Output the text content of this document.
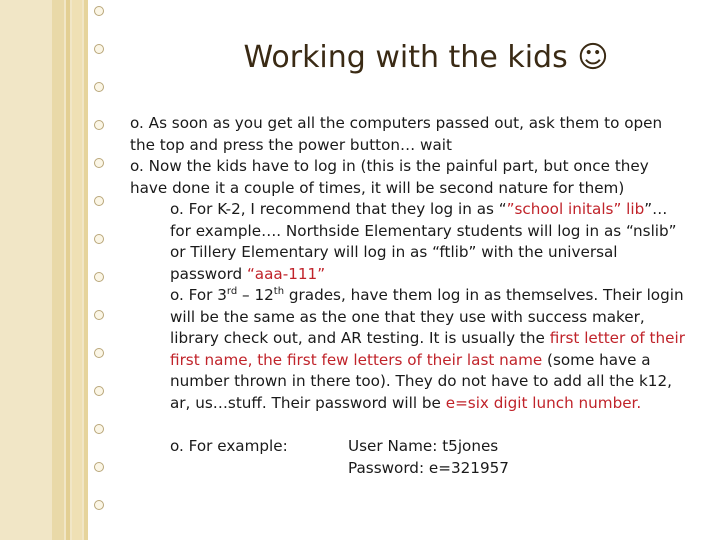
Working with the kids ☺

o. As soon as you get all the computers passed out, ask them to open the top and press the power button… wait

o. Now the kids have to log in (this is the painful part, but once they have done it a couple of times, it will be second nature for them)

o. For K-2, I recommend that they log in as “”school initals” lib”… for example…. Northside Elementary students will log in as “nslib” or Tillery Elementary will log in as “ftlib” with the universal password “aaa-111”

o. For 3rd – 12th grades, have them log in as themselves. Their login will be the same as the one that they use with success maker, library check out, and AR testing. It is usually the first letter of their first name, the first few letters of their last name (some have a number thrown in there too). They do not have to add all the k12, ar, us…stuff. Their password will be e=six digit lunch number.

o. For example:	User Name: t5jones
Password: e=321957
